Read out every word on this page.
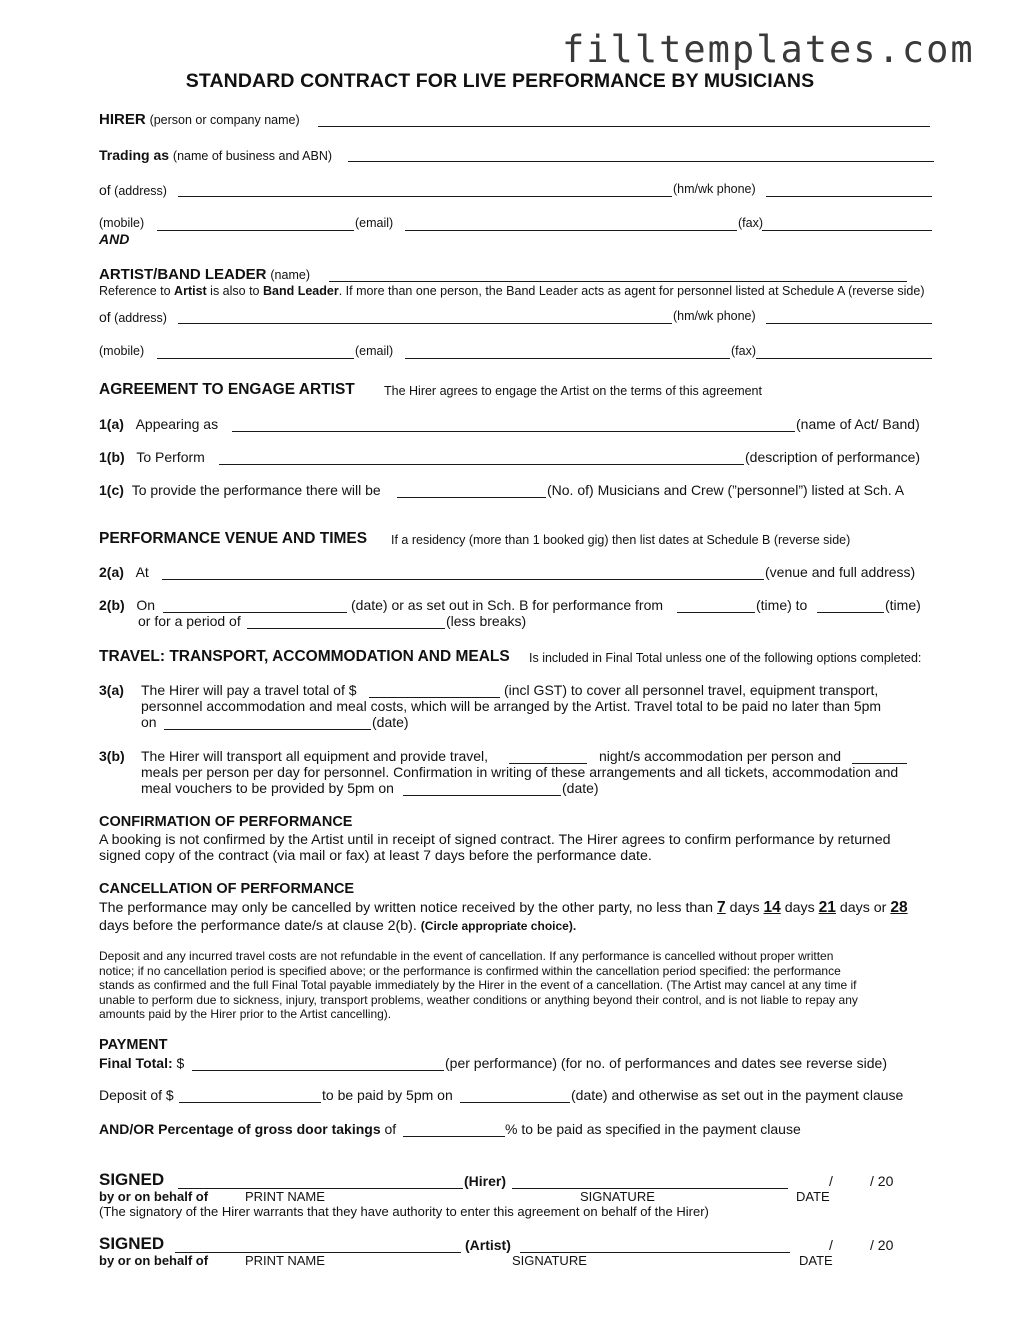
filltemplates.com
STANDARD CONTRACT FOR LIVE PERFORMANCE BY MUSICIANS
HIRER (person or company name)
Trading as (name of business and ABN)
of (address)	(hm/wk phone)
(mobile)	(email)	(fax)
AND
ARTIST/BAND LEADER (name)
Reference to Artist is also to Band Leader. If more than one person, the Band Leader acts as agent for personnel listed at Schedule A (reverse side)
of (address)	(hm/wk phone)
(mobile)	(email)	(fax)
AGREEMENT TO ENGAGE ARTIST The Hirer agrees to engage the Artist on the terms of this agreement
1(a) Appearing as	(name of Act/ Band)
1(b) To Perform	(description of performance)
1(c) To provide the performance there will be	(No. of) Musicians and Crew (”personnel”) listed at Sch. A
PERFORMANCE VENUE AND TIMES If a residency (more than 1 booked gig) then list dates at Schedule B (reverse side)
2(a) At	(venue and full address)
2(b) On	(date) or as set out in Sch. B for performance from	(time) to	(time)
or for a period of	(less breaks)
TRAVEL: TRANSPORT, ACCOMMODATION AND MEALS Is included in Final Total unless one of the following options completed:
3(a) The Hirer will pay a travel total of $	(incl GST) to cover all personnel travel, equipment transport,
personnel accommodation and meal costs, which will be arranged by the Artist. Travel total to be paid no later than 5pm
on	(date)
3(b) The Hirer will transport all equipment and provide travel,	night/s accommodation per person and
meals per person per day for personnel. Confirmation in writing of these arrangements and all tickets, accommodation and
meal vouchers to be provided by 5pm on	(date)
CONFIRMATION OF PERFORMANCE
A booking is not confirmed by the Artist until in receipt of signed contract. The Hirer agrees to confirm performance by returned
signed copy of the contract (via mail or fax) at least 7 days before the performance date.
CANCELLATION OF PERFORMANCE
The performance may only be cancelled by written notice received by the other party, no less than 7 days 14 days 21 days or 28
days before the performance date/s at clause 2(b). (Circle appropriate choice).
Deposit and any incurred travel costs are not refundable in the event of cancellation. If any performance is cancelled without proper written
notice; if no cancellation period is specified above; or the performance is confirmed within the cancellation period specified: the performance
stands as confirmed and the full Final Total payable immediately by the Hirer in the event of a cancellation. (The Artist may cancel at any time if
unable to perform due to sickness, injury, transport problems, weather conditions or anything beyond their control, and is not liable to repay any
amounts paid by the Hirer prior to the Artist cancelling).
PAYMENT
Final Total: $	(per performance) (for no. of performances and dates see reverse side)
Deposit of $	to be paid by 5pm on	(date) and otherwise as set out in the payment clause
AND/OR Percentage of gross door takings of	% to be paid as specified in the payment clause
SIGNED	(Hirer)	/	/ 20
by or on behalf of	PRINT NAME	SIGNATURE	DATE
(The signatory of the Hirer warrants that they have authority to enter this agreement on behalf of the Hirer)
SIGNED	(Artist)	/	/ 20
by or on behalf of	PRINT NAME	SIGNATURE	DATE
